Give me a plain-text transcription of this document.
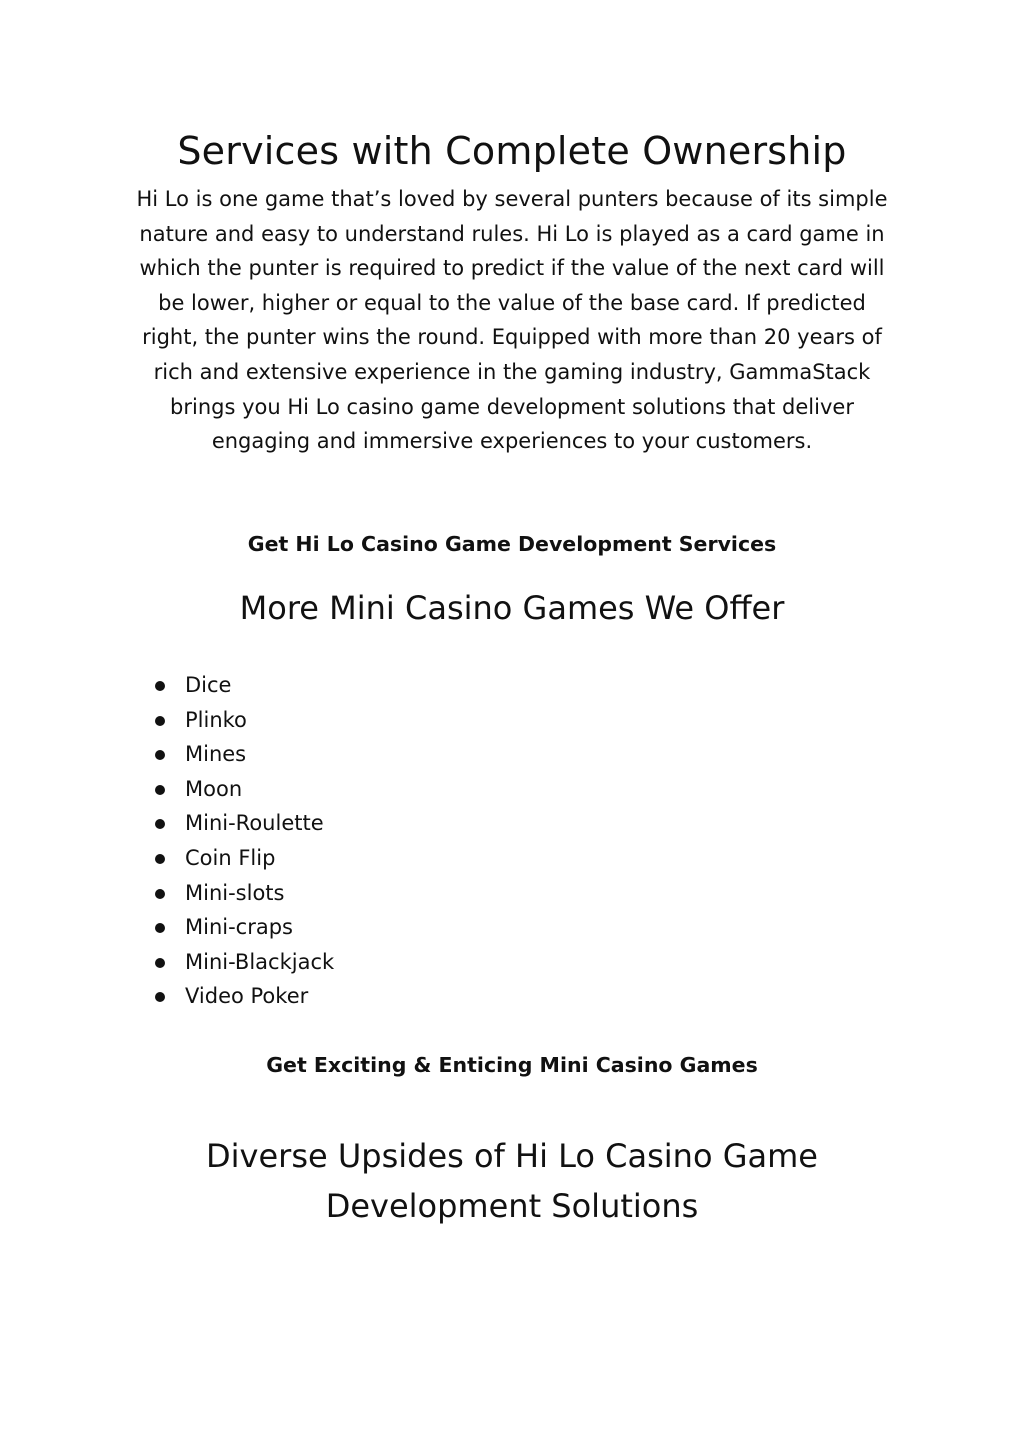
Services with Complete Ownership

Hi Lo is one game that’s loved by several punters because of its simple nature and easy to understand rules. Hi Lo is played as a card game in which the punter is required to predict if the value of the next card will be lower, higher or equal to the value of the base card. If predicted right, the punter wins the round. Equipped with more than 20 years of rich and extensive experience in the gaming industry, GammaStack brings you Hi Lo casino game development solutions that deliver engaging and immersive experiences to your customers.

Get Hi Lo Casino Game Development Services

More Mini Casino Games We Offer
Dice
Plinko
Mines
Moon
Mini-Roulette
Coin Flip
Mini-slots
Mini-craps
Mini-Blackjack
Video Poker

Get Exciting & Enticing Mini Casino Games

Diverse Upsides of Hi Lo Casino Game Development Solutions
